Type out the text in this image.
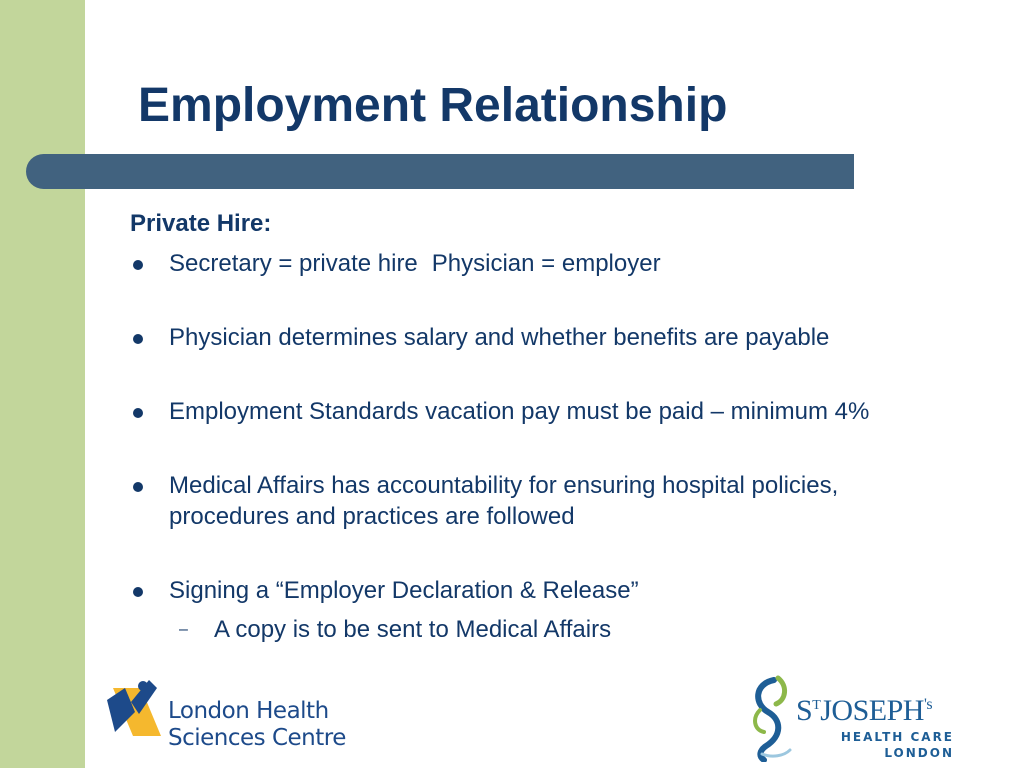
Employment Relationship
Private Hire:
Secretary = private hire Physician = employer
Physician determines salary and whether benefits are payable
Employment Standards vacation pay must be paid – minimum 4%
Medical Affairs has accountability for ensuring hospital policies,
procedures and practices are followed
Signing a “Employer Declaration & Release”
– A copy is to be sent to Medical Affairs
London Health
Sciences Centre
$S^TJOSEPH^{'s}$
HEALTH CARE
LONDON
